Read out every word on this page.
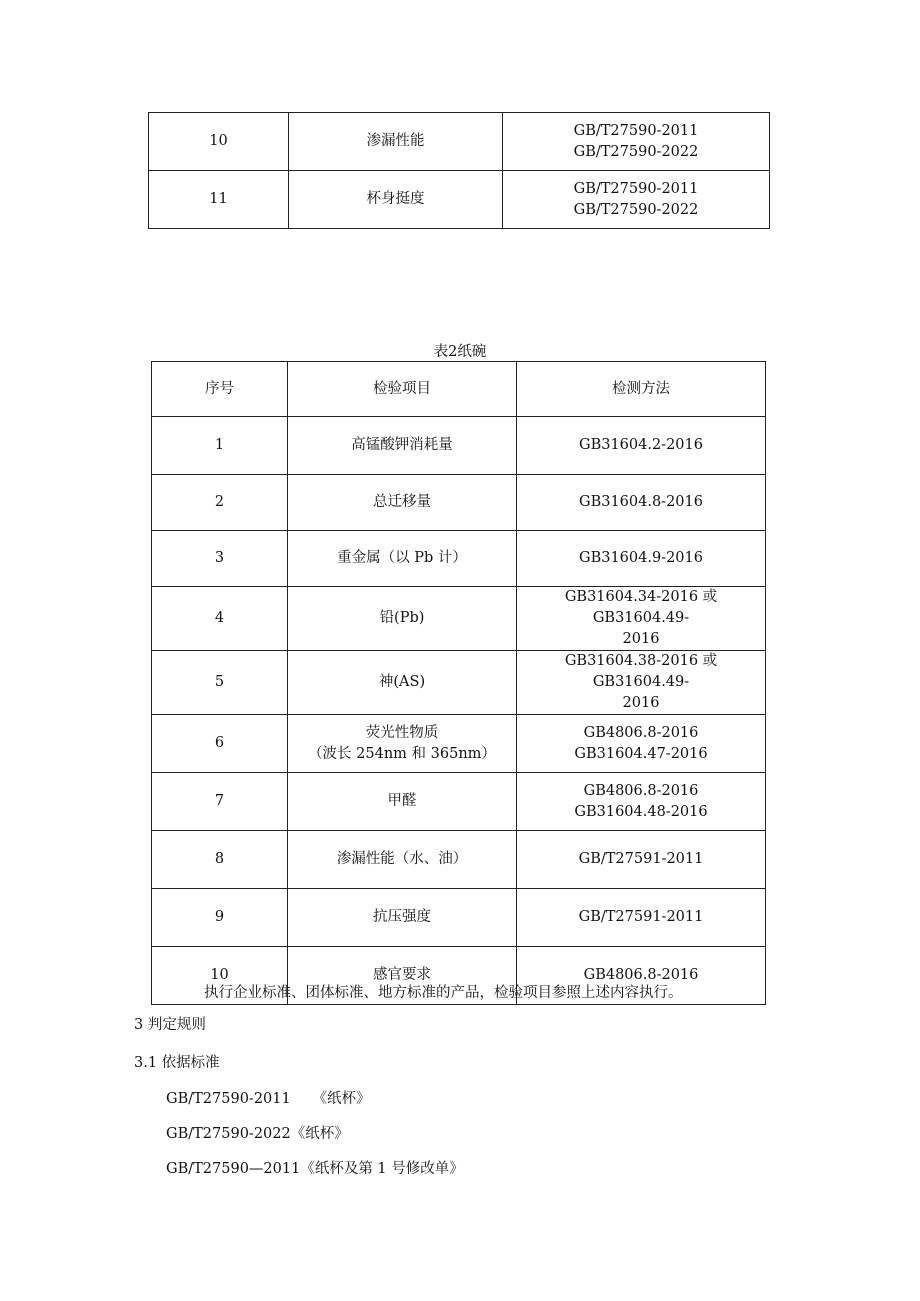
10	渗漏性能	GB/T27590-2011
GB/T27590-2022

11	杯身挺度	GB/T27590-2011
GB/T27590-2022
表2纸碗
序号	检验项目	检测方法
1	高锰酸钾消耗量	GB31604.2-2016
2	总迁移量	GB31604.8-2016
3	重金属（以 Pb 计）	GB31604.9-2016
4	铅(Pb)	GB31604.34-2016 或 GB31604.49-
2016

5	神(AS)	GB31604.38-2016 或 GB31604.49-
2016

6	荧光性物质
（波长 254nm 和 365nm）	GB4806.8-2016
GB31604.47-2016

7	甲醛	GB4806.8-2016
GB31604.48-2016

8	渗漏性能（水、油）	GB/T27591-2011
9	抗压强度	GB/T27591-2011
10	感官要求	GB4806.8-2016
执行企业标准、团体标准、地方标准的产品，检验项目参照上述内容执行。
3 判定规则
3.1 依据标准
GB/T27590-2011　　《纸杯》
GB/T27590-2022《纸杯》
GB/T27590—2011《纸杯及第 1 号修改单》
